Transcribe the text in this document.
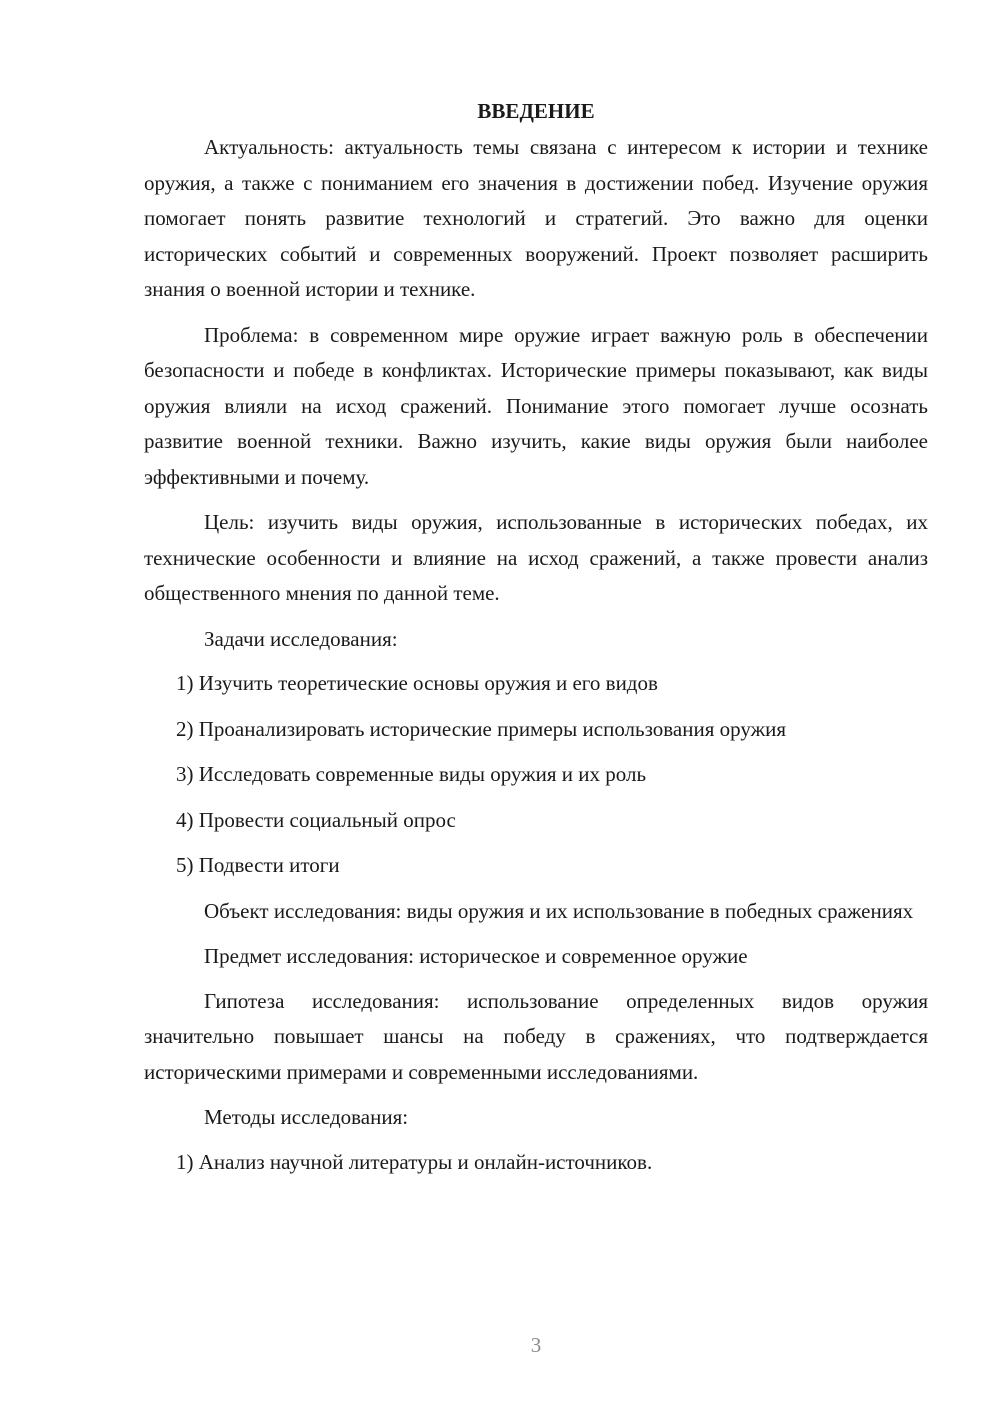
ВВЕДЕНИЕ

Актуальность: актуальность темы связана с интересом к истории и технике оружия, а также с пониманием его значения в достижении побед. Изучение оружия помогает понять развитие технологий и стратегий. Это важно для оценки исторических событий и современных вооружений. Проект позволяет расширить знания о военной истории и технике.

Проблема: в современном мире оружие играет важную роль в обеспечении безопасности и победе в конфликтах. Исторические примеры показывают, как виды оружия влияли на исход сражений. Понимание этого помогает лучше осознать развитие военной техники. Важно изучить, какие виды оружия были наиболее эффективными и почему.

Цель: изучить виды оружия, использованные в исторических победах, их технические особенности и влияние на исход сражений, а также провести анализ общественного мнения по данной теме.

Задачи исследования:

1) Изучить теоретические основы оружия и его видов
2) Проанализировать исторические примеры использования оружия
3) Исследовать современные виды оружия и их роль
4) Провести социальный опрос
5) Подвести итоги

Объект исследования: виды оружия и их использование в победных сражениях

Предмет исследования: историческое и современное оружие

Гипотеза исследования: использование определенных видов оружия значительно повышает шансы на победу в сражениях, что подтверждается историческими примерами и современными исследованиями.

Методы исследования:

1) Анализ научной литературы и онлайн-источников.
3
